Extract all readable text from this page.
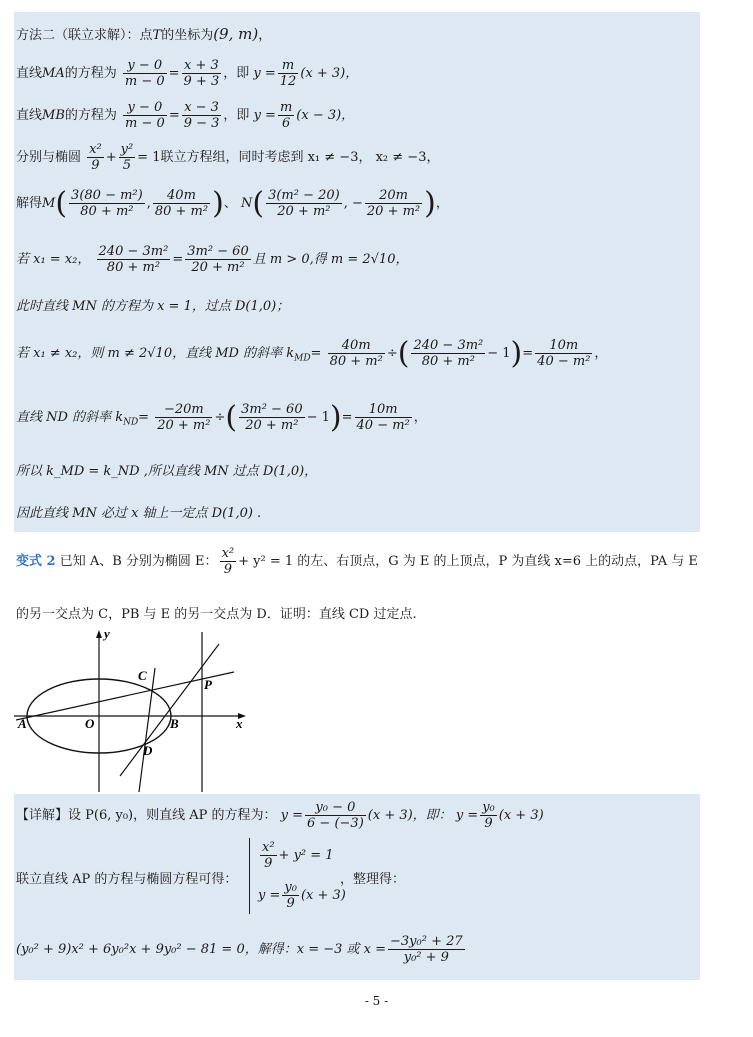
方法二（联立求解）：点T的坐标为(9, m)，
直线MA的方程为 $\frac{y - 0}{m - 0} = \frac{x + 3}{9 + 3}$ ，即 $y = \frac{m}{12} (x + 3)$，
直线MB的方程为 $\frac{y - 0}{m - 0} = \frac{x - 3}{9 - 3}$ ，即 $y = \frac{m}{6} (x - 3)$，
分别与椭圆 $\frac{\text{x²}}{9} + \frac{\text{y²}}{5} = 1$联立方程组，同时考虑到 x₁ ≠ −3， x₂ ≠ −3，
解得$M( \frac{\text{3(80 − m²)}}{\text{80 + m²}}$ , $\frac{40m}{\text{80 + m²}}$ )、 $N( \frac{\text{3(m² − 20)}}{\text{20 + m²}}$ , − $\frac{20m}{\text{20 + m²}}$ )，
若 x₁ = x₂， $\frac{\text{240 − 3m²}}{\text{80 + m²}} = \frac{\text{3m² − 60}}{\text{20 + m²}}$ 且 m > 0,得 m = 2√10，
此时直线 MN 的方程为 x = 1，过点 D(1,0)；
若 x₁ ≠ x₂，则 m ≠ 2√10，直线 MD 的斜率 $k_{MD}= \frac{40m}{\text{80 + m²}}$ ÷( $\frac{\text{240 − 3m²}}{\text{80 + m²}} - 1)= \frac{10m}{\text{40 − m²}}$ ，
直线 ND 的斜率 $k_{ND}= \frac{-20m}{\text{20 + m²}}$ ÷( $\frac{\text{3m² − 60}}{\text{20 + m²}} - 1)= \frac{10m}{\text{40 − m²}}$ ，
所以 k_MD = k_ND ,所以直线 MN 过点 D(1,0)，
因此直线 MN 必过 x 轴上一定点 D(1,0) .
变式 2 已知 A、B 分别为椭圆 E： $\frac{\text{x²}}{9} + y^2 = 1$ 的左、右顶点，G 为 E 的上顶点，P 为直线 x=6 上的动点，PA 与 E
的另一交点为 C，PB 与 E 的另一交点为 D．证明：直线 CD 过定点.
y
x
A	O	B
C
D
P
【详解】设 P(6, y₀)，则直线 AP 的方程为： $y = \frac{\text{y₀ − 0}}{6 - (-3)} (x + 3)$，即： $y = \frac{\text{y₀}}{9} (x + 3)$
联立直线 AP 的方程与椭圆方程可得：
$\frac{\text{x²}}{9} + y^2 = 1$
$y = \frac{\text{y₀}}{9} (x + 3)$
，整理得：
(y₀² + 9)x² + 6y₀²x + 9y₀² − 81 = 0，解得：x = −3 或 $x = \frac{\text{−3y₀² + 27}}{\text{y₀² + 9}}$
- 5 -
